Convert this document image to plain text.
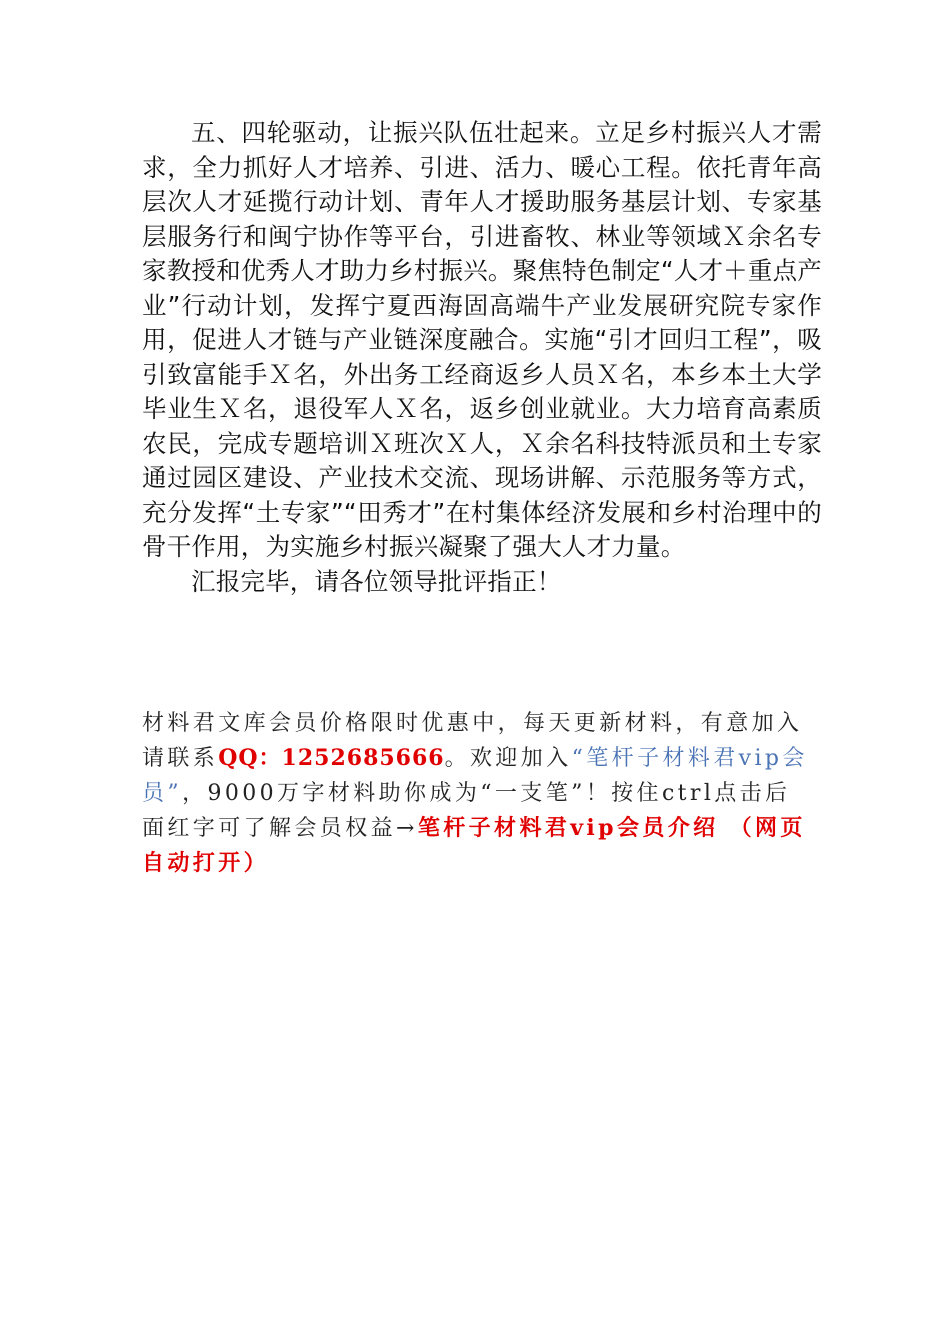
五、四轮驱动，让振兴队伍壮起来。立足乡村振兴人才需求，全力抓好人才培养、引进、活力、暖心工程。依托青年高层次人才延揽行动计划、青年人才援助服务基层计划、专家基层服务行和闽宁协作等平台，引进畜牧、林业等领域Ｘ余名专家教授和优秀人才助力乡村振兴。聚焦特色制定“人才＋重点产业”行动计划，发挥宁夏西海固高端牛产业发展研究院专家作用，促进人才链与产业链深度融合。实施“引才回归工程”，吸引致富能手Ｘ名，外出务工经商返乡人员Ｘ名，本乡本土大学毕业生Ｘ名，退役军人Ｘ名，返乡创业就业。大力培育高素质农民，完成专题培训Ｘ班次Ｘ人，Ｘ余名科技特派员和土专家通过园区建设、产业技术交流、现场讲解、示范服务等方式，充分发挥“土专家”“田秀才”在村集体经济发展和乡村治理中的骨干作用，为实施乡村振兴凝聚了强大人才力量。

汇报完毕，请各位领导批评指正！

材料君文库会员价格限时优惠中，每天更新材料，有意加入请联系QQ：1252685666。欢迎加入“笔杆子材料君vip会员”，9000万字材料助你成为“一支笔”！按住ctrl点击后面红字可了解会员权益→笔杆子材料君vip会员介绍 （网页自动打开）
